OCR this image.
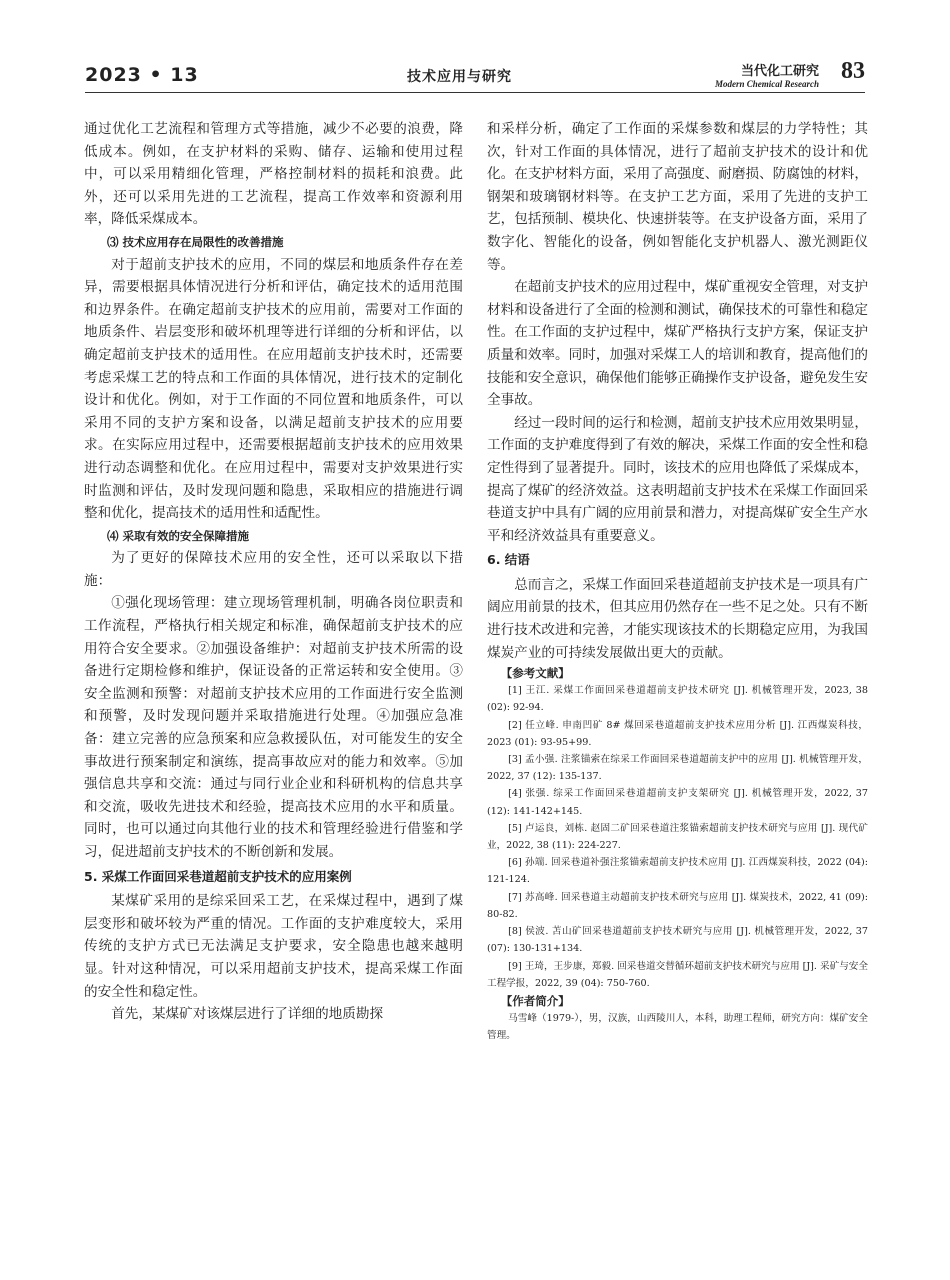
2023 • 13	技术应用与研究	当代化工研究
Modern Chemical Research 83

通过优化工艺流程和管理方式等措施，减少不必要的浪费，降低成本。例如，在支护材料的采购、储存、运输和使用过程中，可以采用精细化管理，严格控制材料的损耗和浪费。此外，还可以采用先进的工艺流程，提高工作效率和资源利用率，降低采煤成本。

⑶ 技术应用存在局限性的改善措施

对于超前支护技术的应用，不同的煤层和地质条件存在差异，需要根据具体情况进行分析和评估，确定技术的适用范围和边界条件。在确定超前支护技术的应用前，需要对工作面的地质条件、岩层变形和破坏机理等进行详细的分析和评估，以确定超前支护技术的适用性。在应用超前支护技术时，还需要考虑采煤工艺的特点和工作面的具体情况，进行技术的定制化设计和优化。例如，对于工作面的不同位置和地质条件，可以采用不同的支护方案和设备，以满足超前支护技术的应用要求。在实际应用过程中，还需要根据超前支护技术的应用效果进行动态调整和优化。在应用过程中，需要对支护效果进行实时监测和评估，及时发现问题和隐患，采取相应的措施进行调整和优化，提高技术的适用性和适配性。

⑷ 采取有效的安全保障措施

为了更好的保障技术应用的安全性，还可以采取以下措施：

①强化现场管理：建立现场管理机制，明确各岗位职责和工作流程，严格执行相关规定和标准，确保超前支护技术的应用符合安全要求。②加强设备维护：对超前支护技术所需的设备进行定期检修和维护，保证设备的正常运转和安全使用。③安全监测和预警：对超前支护技术应用的工作面进行安全监测和预警，及时发现问题并采取措施进行处理。④加强应急准备：建立完善的应急预案和应急救援队伍，对可能发生的安全事故进行预案制定和演练，提高事故应对的能力和效率。⑤加强信息共享和交流：通过与同行业企业和科研机构的信息共享和交流，吸收先进技术和经验，提高技术应用的水平和质量。同时，也可以通过向其他行业的技术和管理经验进行借鉴和学习，促进超前支护技术的不断创新和发展。

5. 采煤工作面回采巷道超前支护技术的应用案例

某煤矿采用的是综采回采工艺，在采煤过程中，遇到了煤层变形和破坏较为严重的情况。工作面的支护难度较大，采用传统的支护方式已无法满足支护要求，安全隐患也越来越明显。针对这种情况，可以采用超前支护技术，提高采煤工作面的安全性和稳定性。

首先，某煤矿对该煤层进行了详细的地质勘探

和采样分析，确定了工作面的采煤参数和煤层的力学特性；其次，针对工作面的具体情况，进行了超前支护技术的设计和优化。在支护材料方面，采用了高强度、耐磨损、防腐蚀的材料，钢架和玻璃钢材料等。在支护工艺方面，采用了先进的支护工艺，包括预制、模块化、快速拼装等。在支护设备方面，采用了数字化、智能化的设备，例如智能化支护机器人、激光测距仪等。

在超前支护技术的应用过程中，煤矿重视安全管理，对支护材料和设备进行了全面的检测和测试，确保技术的可靠性和稳定性。在工作面的支护过程中，煤矿严格执行支护方案，保证支护质量和效率。同时，加强对采煤工人的培训和教育，提高他们的技能和安全意识，确保他们能够正确操作支护设备，避免发生安全事故。

经过一段时间的运行和检测，超前支护技术应用效果明显，工作面的支护难度得到了有效的解决，采煤工作面的安全性和稳定性得到了显著提升。同时，该技术的应用也降低了采煤成本，提高了煤矿的经济效益。这表明超前支护技术在采煤工作面回采巷道支护中具有广阔的应用前景和潜力，对提高煤矿安全生产水平和经济效益具有重要意义。

6. 结语

总而言之，采煤工作面回采巷道超前支护技术是一项具有广阔应用前景的技术，但其应用仍然存在一些不足之处。只有不断进行技术改进和完善，才能实现该技术的长期稳定应用，为我国煤炭产业的可持续发展做出更大的贡献。

【参考文献】

[1] 王江. 采煤工作面回采巷道超前支护技术研究 [J]. 机械管理开发，2023, 38 (02): 92-94.

[2] 任立峰. 申南凹矿 8# 煤回采巷道超前支护技术应用分析 [J]. 江西煤炭科技，2023 (01): 93-95+99.

[3] 孟小强. 注浆锚索在综采工作面回采巷道超前支护中的应用 [J]. 机械管理开发，2022, 37 (12): 135-137.

[4] 张强. 综采工作面回采巷道超前支护支架研究 [J]. 机械管理开发，2022, 37 (12): 141-142+145.

[5] 卢运良，刘栋. 赵固二矿回采巷道注浆锚索超前支护技术研究与应用 [J]. 现代矿业，2022, 38 (11): 224-227.

[6] 孙端. 回采巷道补强注浆锚索超前支护技术应用 [J]. 江西煤炭科技，2022 (04): 121-124.

[7] 苏高峰. 回采巷道主动超前支护技术研究与应用 [J]. 煤炭技术，2022, 41 (09): 80-82.

[8] 侯波. 苫山矿回采巷道超前支护技术研究与应用 [J]. 机械管理开发，2022, 37 (07): 130-131+134.

[9] 王琦，王步康，郑毅. 回采巷道交替循环超前支护技术研究与应用 [J]. 采矿与安全工程学报，2022, 39 (04): 750-760.

【作者简介】

马雪峰（1979-），男，汉族，山西陵川人，本科，助理工程师，研究方向：煤矿安全管理。
